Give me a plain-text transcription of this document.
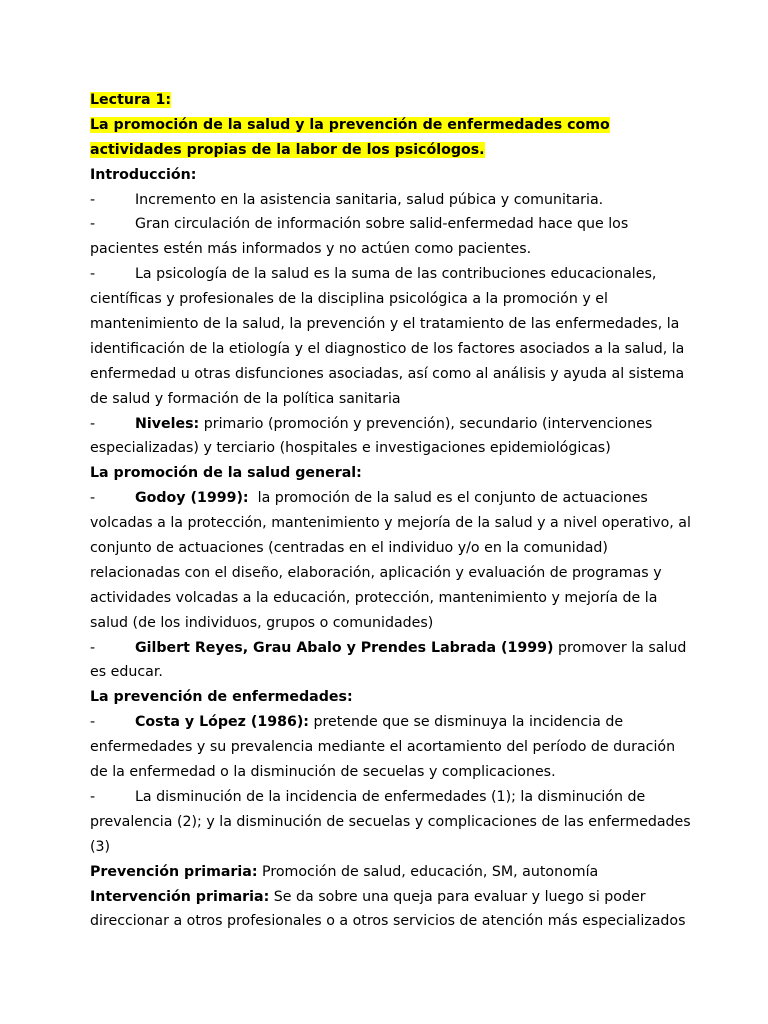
Lectura 1:
La promoción de la salud y la prevención de enfermedades como
actividades propias de la labor de los psicólogos.
Introducción:
-	Incremento en la asistencia sanitaria, salud púbica y comunitaria.
-	Gran circulación de información sobre salid-enfermedad hace que los
pacientes estén más informados y no actúen como pacientes.
-	La psicología de la salud es la suma de las contribuciones educacionales,
científicas y profesionales de la disciplina psicológica a la promoción y el
mantenimiento de la salud, la prevención y el tratamiento de las enfermedades, la
identificación de la etiología y el diagnostico de los factores asociados a la salud, la
enfermedad u otras disfunciones asociadas, así como al análisis y ayuda al sistema
de salud y formación de la política sanitaria
-	Niveles: primario (promoción y prevención), secundario (intervenciones
especializadas) y terciario (hospitales e investigaciones epidemiológicas)
La promoción de la salud general:
-	Godoy (1999):  la promoción de la salud es el conjunto de actuaciones
volcadas a la protección, mantenimiento y mejoría de la salud y a nivel operativo, al
conjunto de actuaciones (centradas en el individuo y/o en la comunidad)
relacionadas con el diseño, elaboración, aplicación y evaluación de programas y
actividades volcadas a la educación, protección, mantenimiento y mejoría de la
salud (de los individuos, grupos o comunidades)
-	Gilbert Reyes, Grau Abalo y Prendes Labrada (1999) promover la salud
es educar.
La prevención de enfermedades:
-	Costa y López (1986): pretende que se disminuya la incidencia de
enfermedades y su prevalencia mediante el acortamiento del período de duración
de la enfermedad o la disminución de secuelas y complicaciones.
-	La disminución de la incidencia de enfermedades (1); la disminución de
prevalencia (2); y la disminución de secuelas y complicaciones de las enfermedades
(3)
Prevención primaria: Promoción de salud, educación, SM, autonomía
Intervención primaria: Se da sobre una queja para evaluar y luego si poder
direccionar a otros profesionales o a otros servicios de atención más especializados
